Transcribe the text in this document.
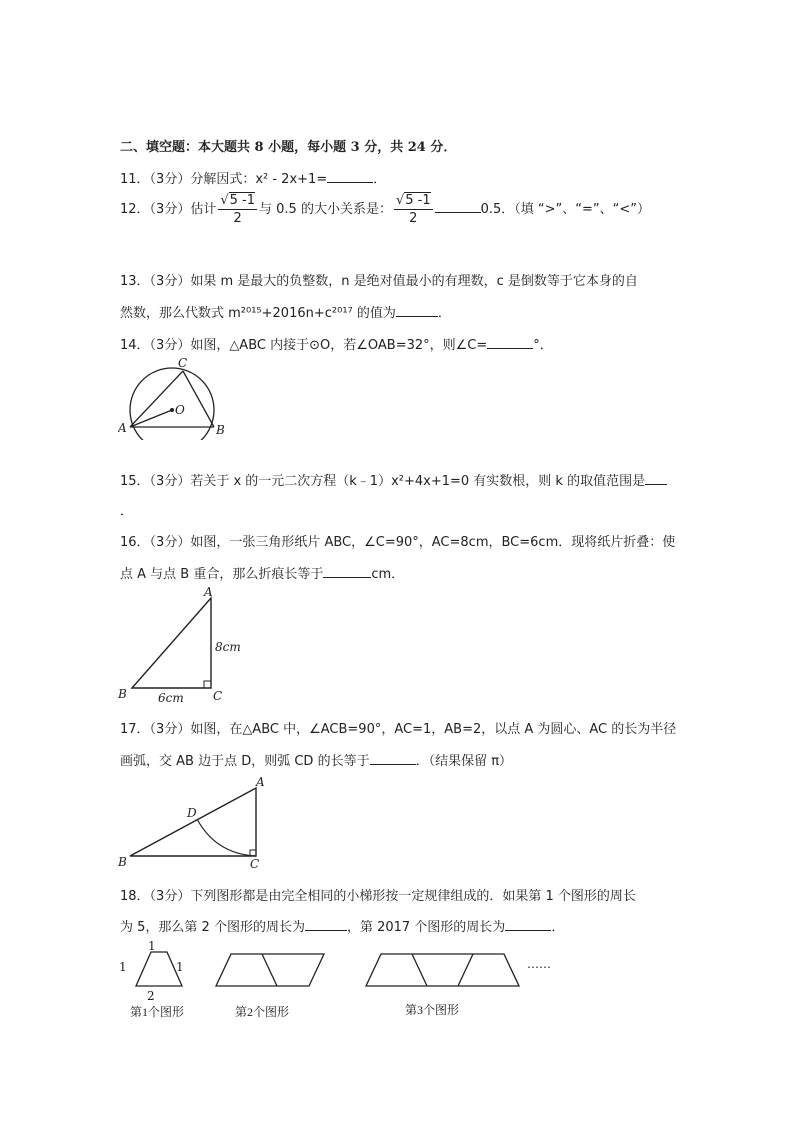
二、填空题：本大题共 8 小题，每小题 3 分，共 24 分．
11．（3分）分解因式：x² - 2x+1=	．
12．（3分）估计 $\frac{√5 -1}{2}$ 与 0.5 的大小关系是： $\frac{√5 -1}{2}$	0.5．（填 “>”、“=”、“<”）
13．（3分）如果 m 是最大的负整数，n 是绝对值最小的有理数，c 是倒数等于它本身的自
然数，那么代数式 m²⁰¹⁵+2016n+c²⁰¹⁷ 的值为	．
14．（3分）如图，△ABC 内接于⊙O，若∠OAB=32°，则∠C=	°．
A	B
C
O
15．（3分）若关于 x 的一元二次方程（k﹣1）x²+4x+1=0 有实数根，则 k 的取值范围是
．
16．（3分）如图，一张三角形纸片 ABC，∠C=90°，AC=8cm，BC=6cm．现将纸片折叠：使
点 A 与点 B 重合，那么折痕长等于	cm．
A
B	C
8cm
6cm
17．（3分）如图，在△ABC 中，∠ACB=90°，AC=1，AB=2，以点 A 为圆心、AC 的长为半径
画弧，交 AB 边于点 D，则弧 CD 的长等于	．（结果保留 π）
A
B	C
D
18．（3分）下列图形都是由完全相同的小梯形按一定规律组成的．如果第 1 个图形的周长
为 5，那么第 2 个图形的周长为	，第 2017 个图形的周长为	．
1
1	1
2
……
第1个图形	第2个图形	第3个图形
